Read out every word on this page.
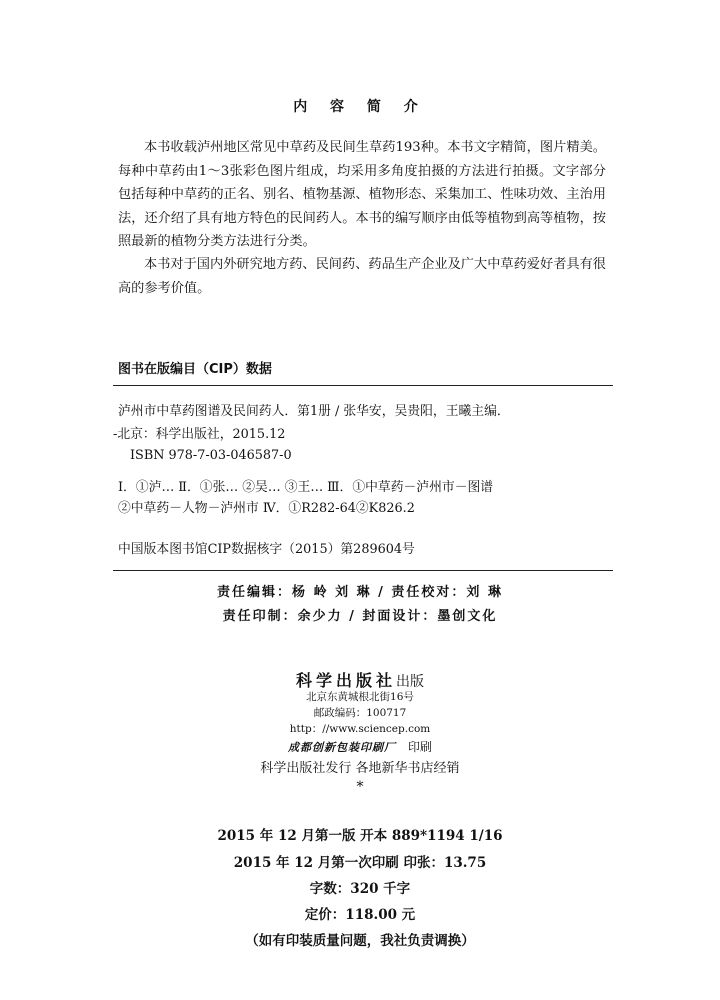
内 容 简 介

本书收载泸州地区常见中草药及民间生草药193种。本书文字精简，图片精美。每种中草药由1～3张彩色图片组成，均采用多角度拍摄的方法进行拍摄。文字部分包括每种中草药的正名、别名、植物基源、植物形态、采集加工、性味功效、主治用法，还介绍了具有地方特色的民间药人。本书的编写顺序由低等植物到高等植物，按照最新的植物分类方法进行分类。

本书对于国内外研究地方药、民间药、药品生产企业及广大中草药爱好者具有很高的参考价值。

图书在版编目（CIP）数据
泸州市中草药图谱及民间药人．第1册 / 张华安，吴贵阳，王曦主编．
-北京：科学出版社，2015.12
ISBN 978-7-03-046587-0
Ⅰ．①泸… Ⅱ．①张… ②吴… ③王… Ⅲ．①中草药－泸州市－图谱
②中草药－人物－泸州市 Ⅳ．①R282-64②K826.2
中国版本图书馆CIP数据核字（2015）第289604号
责任编辑：杨 岭 刘 琳 / 责任校对：刘 琳
责任印制：余少力 / 封面设计：墨创文化
科学出版社出版
北京东黄城根北街16号
邮政编码：100717
http：//www.sciencep.com
成都创新包装印刷厂 印刷
科学出版社发行 各地新华书店经销
*
2015 年 12 月第一版 开本 889*1194 1/16
2015 年 12 月第一次印刷 印张：13.75
字数：320 千字
定价：118.00 元
（如有印装质量问题，我社负责调换）
